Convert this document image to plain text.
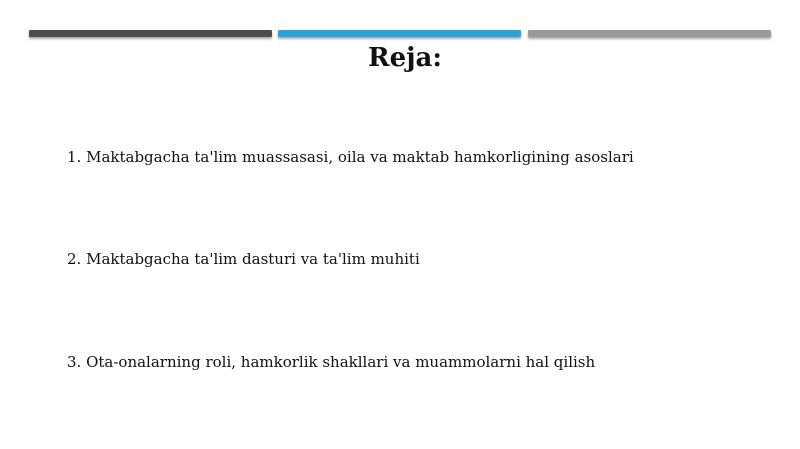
Reja:
1. Maktabgacha ta'lim muassasasi, oila va maktab hamkorligining asoslari
2. Maktabgacha ta'lim dasturi va ta'lim muhiti
3. Ota-onalarning roli, hamkorlik shakllari va muammolarni hal qilish
